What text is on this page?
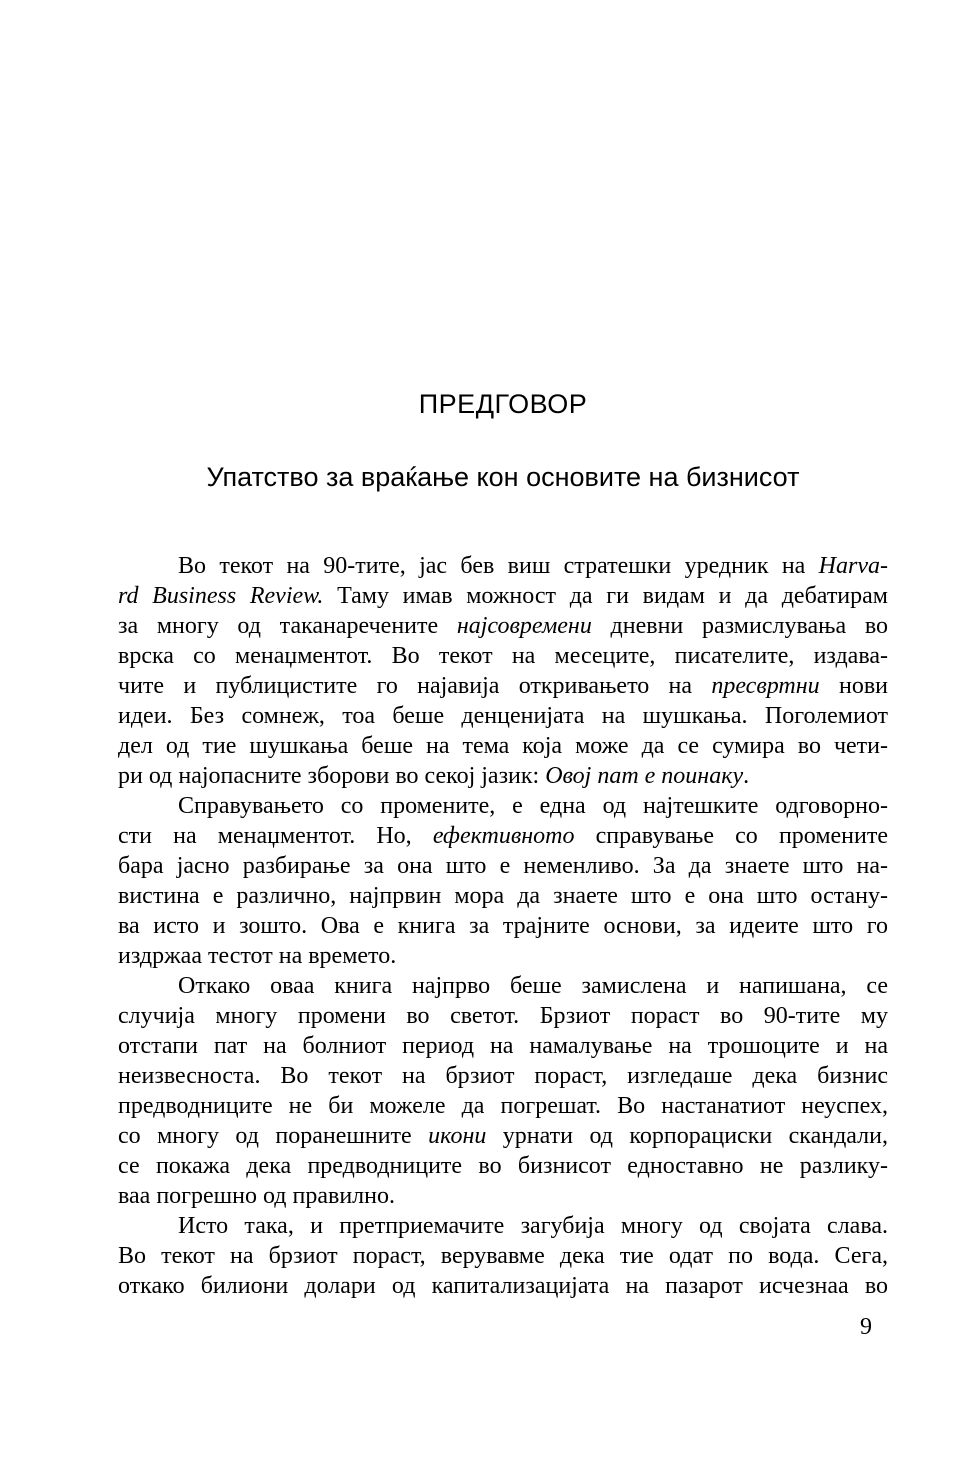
ПРЕДГОВОР
Упатство за враќање кон основите на бизнисот
Во текот на 90-тите, јас бев виш стратешки уредник на Harva-
rd Business Review. Таму имав можност да ги видам и да дебатирам
за многу од таканаречените најсовремени дневни размислувања во
врска со менаџментот. Во текот на месеците, писателите, издава-
чите и публицистите го најавија откривањето на пресвртни нови
идеи. Без сомнеж, тоа беше денценијата на шушкања. Поголемиот
дел од тие шушкања беше на тема која може да се сумира во чети-
ри од најопасните зборови во секој јазик: Овој пат е поинаку.
Справувањето со промените, е една од најтешките одговорно-
сти на менаџментот. Но, ефективното справување со промените
бара јасно разбирање за она што е неменливо. За да знаете што на-
вистина е различно, најпрвин мора да знаете што е она што остану-
ва исто и зошто. Ова е книга за трајните основи, за идеите што го
издржаа тестот на времето.
Откако оваа книга најпрво беше замислена и напишана, се
случија многу промени во светот. Брзиот пораст во 90-тите му
отстапи пат на болниот период на намалување на трошоците и на
неизвесноста. Во текот на брзиот пораст, изгледаше дека бизнис
предводниците не би можеле да погрешат. Во настанатиот неуспех,
со многу од поранешните икони урнати од корпорациски скандали,
се покажа дека предводниците во бизнисот едноставно не разлику-
ваа погрешно од правилно.
Исто така, и претприемачите загубија многу од својата слава.
Во текот на брзиот пораст, верувавме дека тие одат по вода. Сега,
откако билиони долари од капитализацијата на пазарот исчезнаа во
9
